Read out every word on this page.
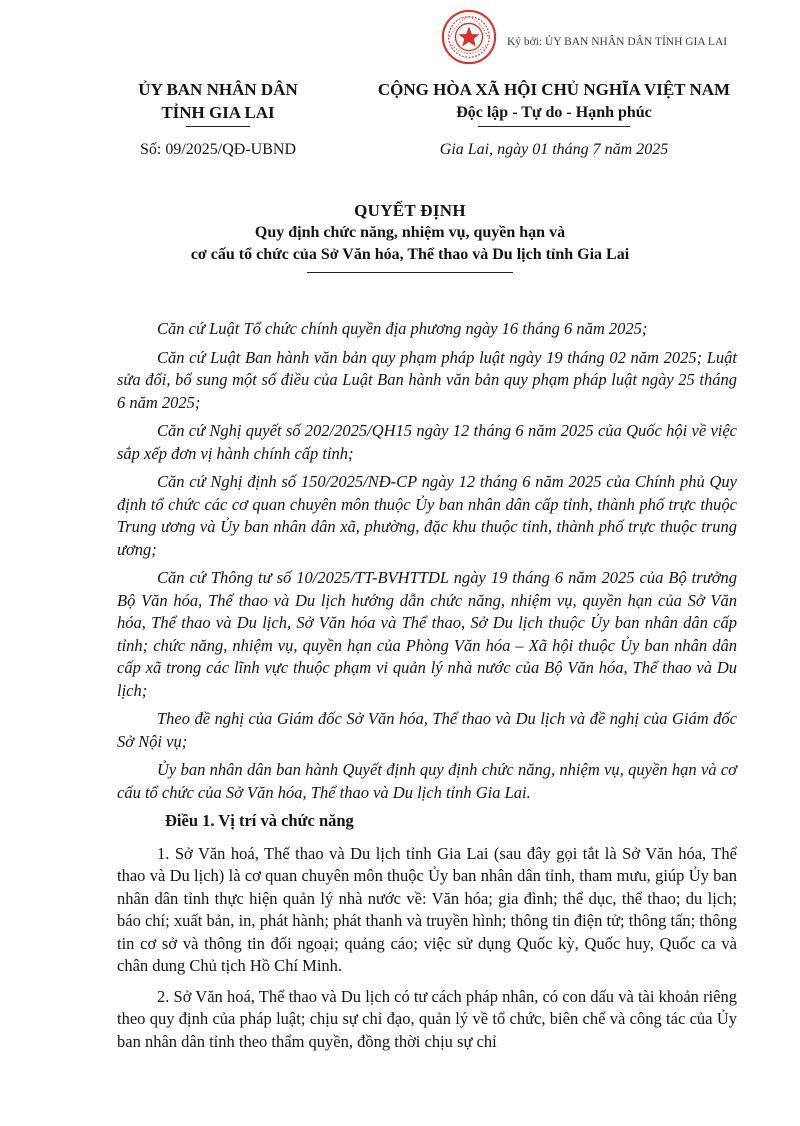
Ký bởi: ỦY BAN NHÂN DÂN TỈNH GIA LAI
ỦY BAN NHÂN DÂN
TỈNH GIA LAI
CỘNG HÒA XÃ HỘI CHỦ NGHĨA VIỆT NAM
Độc lập - Tự do - Hạnh phúc
Số: 09/2025/QĐ-UBND	Gia Lai, ngày 01 tháng 7 năm 2025
QUYẾT ĐỊNH
Quy định chức năng, nhiệm vụ, quyền hạn và
cơ cấu tổ chức của Sở Văn hóa, Thể thao và Du lịch tỉnh Gia Lai

Căn cứ Luật Tổ chức chính quyền địa phương ngày 16 tháng 6 năm 2025;

Căn cứ Luật Ban hành văn bản quy phạm pháp luật ngày 19 tháng 02 năm 2025; Luật sửa đổi, bổ sung một số điều của Luật Ban hành văn bản quy phạm pháp luật ngày 25 tháng 6 năm 2025;

Căn cứ Nghị quyết số 202/2025/QH15 ngày 12 tháng 6 năm 2025 của Quốc hội về việc sắp xếp đơn vị hành chính cấp tỉnh;

Căn cứ Nghị định số 150/2025/NĐ-CP ngày 12 tháng 6 năm 2025 của Chính phủ Quy định tổ chức các cơ quan chuyên môn thuộc Ủy ban nhân dân cấp tỉnh, thành phố trực thuộc Trung ương và Ủy ban nhân dân xã, phường, đặc khu thuộc tỉnh, thành phố trực thuộc trung ương;

Căn cứ Thông tư số 10/2025/TT-BVHTTDL ngày 19 tháng 6 năm 2025 của Bộ trưởng Bộ Văn hóa, Thể thao và Du lịch hướng dẫn chức năng, nhiệm vụ, quyền hạn của Sở Văn hóa, Thể thao và Du lịch, Sở Văn hóa và Thể thao, Sở Du lịch thuộc Ủy ban nhân dân cấp tỉnh; chức năng, nhiệm vụ, quyền hạn của Phòng Văn hóa – Xã hội thuộc Ủy ban nhân dân cấp xã trong các lĩnh vực thuộc phạm vi quản lý nhà nước của Bộ Văn hóa, Thể thao và Du lịch;

Theo đề nghị của Giám đốc Sở Văn hóa, Thể thao và Du lịch và đề nghị của Giám đốc Sở Nội vụ;

Ủy ban nhân dân ban hành Quyết định quy định chức năng, nhiệm vụ, quyền hạn và cơ cấu tổ chức của Sở Văn hóa, Thể thao và Du lịch tỉnh Gia Lai.

Điều 1. Vị trí và chức năng

1. Sở Văn hoá, Thể thao và Du lịch tỉnh Gia Lai (sau đây gọi tắt là Sở Văn hóa, Thể thao và Du lịch) là cơ quan chuyên môn thuộc Ủy ban nhân dân tỉnh, tham mưu, giúp Ủy ban nhân dân tỉnh thực hiện quản lý nhà nước về: Văn hóa; gia đình; thể dục, thể thao; du lịch; báo chí; xuất bản, in, phát hành; phát thanh và truyền hình; thông tin điện tử; thông tấn; thông tin cơ sở và thông tin đối ngoại; quảng cáo; việc sử dụng Quốc kỳ, Quốc huy, Quốc ca và chân dung Chủ tịch Hồ Chí Minh.

2. Sở Văn hoá, Thể thao và Du lịch có tư cách pháp nhân, có con dấu và tài khoản riêng theo quy định của pháp luật; chịu sự chỉ đạo, quản lý về tổ chức, biên chế và công tác của Ủy ban nhân dân tỉnh theo thẩm quyền, đồng thời chịu sự chỉ
